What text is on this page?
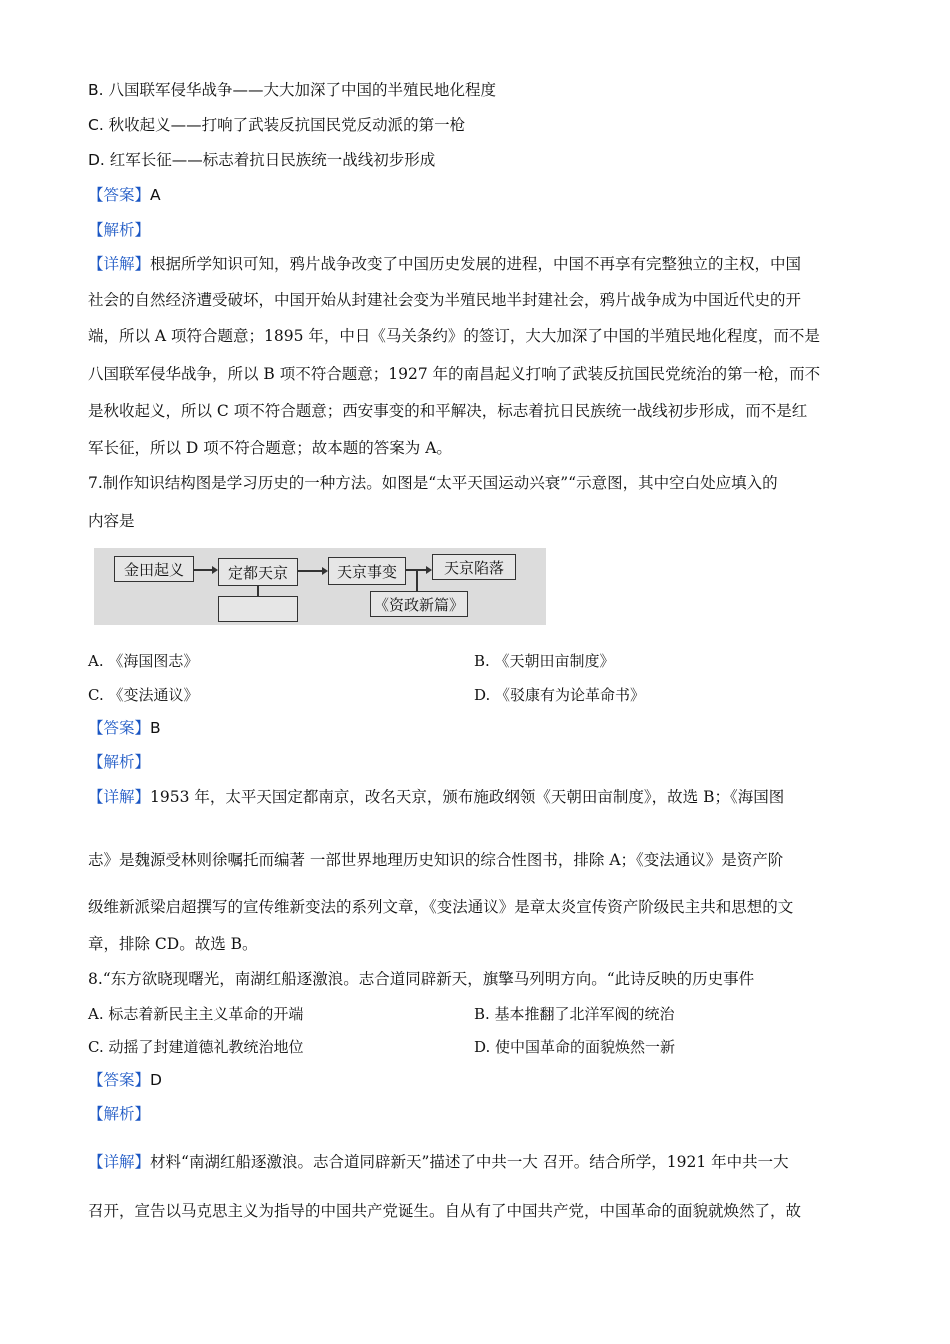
B. 八国联军侵华战争——大大加深了中国的半殖民地化程度
C. 秋收起义——打响了武装反抗国民党反动派的第一枪
D. 红军长征——标志着抗日民族统一战线初步形成
【答案】A
【解析】
【详解】根据所学知识可知，鸦片战争改变了中国历史发展的进程，中国不再享有完整独立的主权，中国
社会的自然经济遭受破坏，中国开始从封建社会变为半殖民地半封建社会，鸦片战争成为中国近代史的开
端，所以 A 项符合题意；1895 年，中日《马关条约》的签订，大大加深了中国的半殖民地化程度，而不是
八国联军侵华战争，所以 B 项不符合题意；1927 年的南昌起义打响了武装反抗国民党统治的第一枪，而不
是秋收起义，所以 C 项不符合题意；西安事变的和平解决，标志着抗日民族统一战线初步形成，而不是红
军长征，所以 D 项不符合题意；故本题的答案为 A。
7.制作知识结构图是学习历史的一种方法。如图是“太平天国运动兴衰”“示意图，其中空白处应填入的
内容是
金田起义	定都天京	天京事变	天京陷落
《资政新篇》
A. 《海国图志》	B. 《天朝田亩制度》
C. 《变法通议》	D. 《驳康有为论革命书》
【答案】B
【解析】
【详解】1953 年，太平天国定都南京，改名天京，颁布施政纲领《天朝田亩制度》，故选 B；《海国图
志》是魏源受林则徐嘱托而编著 一部世界地理历史知识的综合性图书，排除 A；《变法通议》是资产阶
级维新派梁启超撰写的宣传维新变法的系列文章，《变法通议》是章太炎宣传资产阶级民主共和思想的文
章，排除 CD。故选 B。
8.“东方欲晓现曙光，南湖红船逐激浪。志合道同辟新天，旗擎马列明方向。“此诗反映的历史事件
A. 标志着新民主主义革命的开端	B. 基本推翻了北洋军阀的统治
C. 动摇了封建道德礼教统治地位	D. 使中国革命的面貌焕然一新
【答案】D
【解析】
【详解】材料“南湖红船逐激浪。志合道同辟新天”描述了中共一大 召开。结合所学，1921 年中共一大
召开，宣告以马克思主义为指导的中国共产党诞生。自从有了中国共产党，中国革命的面貌就焕然了，故
